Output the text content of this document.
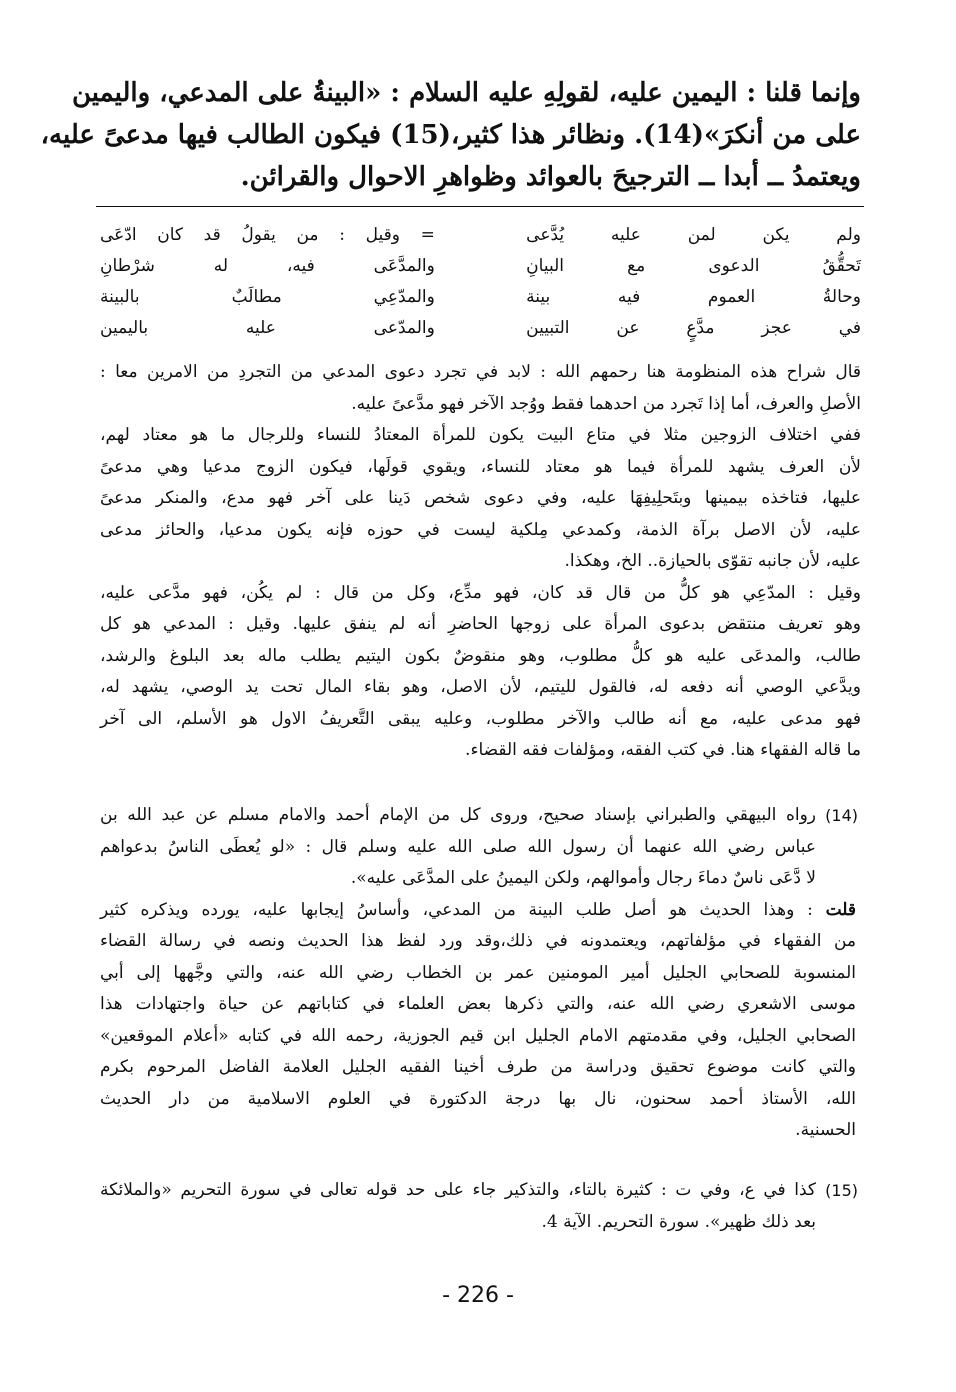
وإنما قلنا : اليمين عليه، لقولِهِ عليه السلام : «البينةُ على المدعي، واليمين
على من أنكرَ»(14). ونظائر هذا كثير،(15) فيكون الطالب فيها مدعىً عليه،
ويعتمدُ ــ أبدا ــ الترجيحَ بالعوائد وظواهرِ الاحوال والقرائن.
= وقيل : من يقولُ قد كان ادّعَى	ولم يكن لمن عليه يُدَّعى
والمدَّعَى فيه، له شرْطانِ	تَحقُّقُ الدعوى مع البيانِ
والمدّعِي مطالَبٌ بالبينة	وحالةُ العموم فيه بينة
والمدّعى عليه باليمين	في عجز مدَّعٍ عن التبيين

قال شراح هذه المنظومة هنا رحمهم الله : لابد في تجرد دعوى المدعي من التجردِ من الامرين معا :
الأصلِ والعرف، أما إذا تَجرد من احدهما فقط ووُجد الآخر فهو مدَّعىً عليه.

ففي اختلاف الزوجين مثلا في متاع البيت يكون للمرأة المعتادُ للنساء وللرجال ما هو معتاد لهم،
لأن العرف يشهد للمرأة فيما هو معتاد للنساء، ويقوي قولَها، فيكون الزوج مدعيا وهي مدعىً
عليها، فتاخذه بيمينها وبتَحلِيفِهَا عليه، وفي دعوى شخص دَينا على آخر فهو مدع، والمنكر مدعىً
عليه، لأن الاصل برآة الذمة، وكمدعي مِلكية ليست في حوزه فإنه يكون مدعيا، والحائز مدعى
عليه، لأن جانبه تقوّى بالحيازة.. الخ، وهكذا.

وقيل : المدّعِي هو كلُّ من قال قد كان، فهو مدِّع، وكل من قال : لم يكُن، فهو مدَّعى عليه،
وهو تعريف منتقض بدعوى المرأة على زوجها الحاضرِ أنه لم ينفق عليها. وقيل : المدعي هو كل
طالب، والمدعَى عليه هو كلُّ مطلوب، وهو منقوضٌ بكون اليتيم يطلب ماله بعد البلوغ والرشد،
ويدَّعي الوصي أنه دفعه له، فالقول لليتيم، لأن الاصل، وهو بقاء المال تحت يد الوصي، يشهد له،
فهو مدعى عليه، مع أنه طالب والآخر مطلوب، وعليه يبقى التَّعريفُ الاول هو الأسلم، الى آخر
ما قاله الفقهاء هنا. في كتب الفقه، ومؤلفات فقه القضاء.

(14)
رواه البيهقي والطبراني بإسناد صحيح، وروى كل من الإمام أحمد والامام مسلم عن عبد الله بن
عباس رضي الله عنهما أن رسول الله صلى الله عليه وسلم قال : «لو يُعطَى الناسُ بدعواهم
لا دَّعَى ناسٌ دماءَ رجال وأموالهم، ولكن اليمينُ على المدَّعَى عليه».
قلت : وهذا الحديث هو أصل طلب البينة من المدعي، وأساسُ إيجابها عليه، يورده ويذكره كثير
من الفقهاء في مؤلفاتهم، ويعتمدونه في ذلك،وقد ورد لفظ هذا الحديث ونصه في رسالة القضاء
المنسوبة للصحابي الجليل أمير المومنين عمر بن الخطاب رضي الله عنه، والتي وجَّهها إلى أبي
موسى الاشعري رضي الله عنه، والتي ذكرها بعض العلماء في كتاباتهم عن حياة واجتهادات هذا
الصحابي الجليل، وفي مقدمتهم الامام الجليل ابن قيم الجوزية، رحمه الله في كتابه «أعلام الموقعين»
والتي كانت موضوع تحقيق ودراسة من طرف أخينا الفقيه الجليل العلامة الفاضل المرحوم بكرم
الله، الأستاذ أحمد سحنون، نال بها درجة الدكتورة في العلوم الاسلامية من دار الحديث
الحسنية.
(15)
كذا في ع، وفي ت : كثيرة بالتاء، والتذكير جاء على حد قوله تعالى في سورة التحريم «والملائكة
بعد ذلك ظهير». سورة التحريم. الآية 4.
- 226 -
